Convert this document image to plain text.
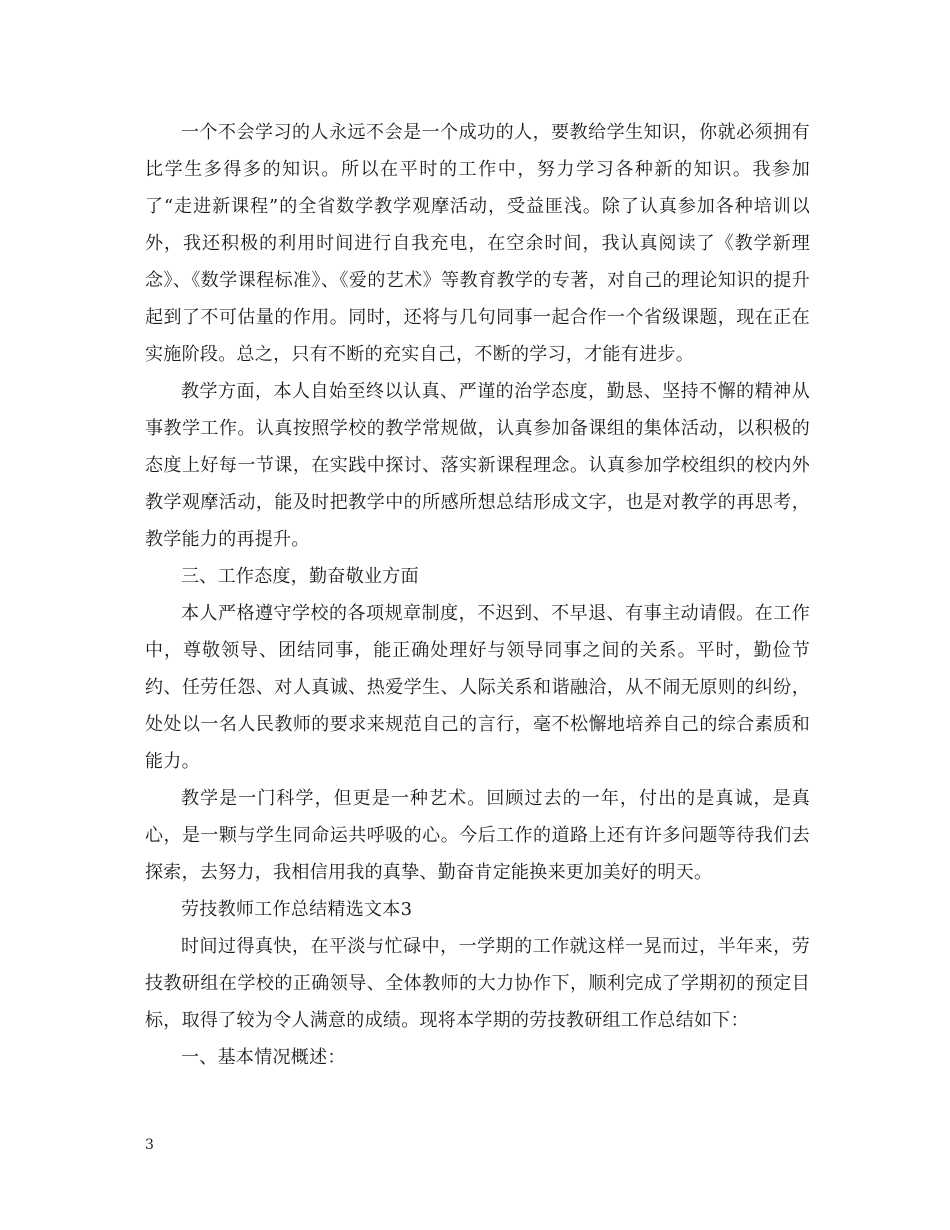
一个不会学习的人永远不会是一个成功的人，要教给学生知识，你就必须拥有比学生多得多的知识。所以在平时的工作中，努力学习各种新的知识。我参加了“走进新课程”的全省数学教学观摩活动，受益匪浅。除了认真参加各种培训以外，我还积极的利用时间进行自我充电，在空余时间，我认真阅读了《教学新理念》、《数学课程标准》、《爱的艺术》等教育教学的专著，对自己的理论知识的提升起到了不可估量的作用。同时，还将与几句同事一起合作一个省级课题，现在正在实施阶段。总之，只有不断的充实自己，不断的学习，才能有进步。

教学方面，本人自始至终以认真、严谨的治学态度，勤恳、坚持不懈的精神从事教学工作。认真按照学校的教学常规做，认真参加备课组的集体活动，以积极的态度上好每一节课，在实践中探讨、落实新课程理念。认真参加学校组织的校内外教学观摩活动，能及时把教学中的所感所想总结形成文字，也是对教学的再思考，教学能力的再提升。

三、工作态度，勤奋敬业方面

本人严格遵守学校的各项规章制度，不迟到、不早退、有事主动请假。在工作中，尊敬领导、团结同事，能正确处理好与领导同事之间的关系。平时，勤俭节约、任劳任怨、对人真诚、热爱学生、人际关系和谐融洽，从不闹无原则的纠纷，处处以一名人民教师的要求来规范自己的言行，毫不松懈地培养自己的综合素质和能力。

教学是一门科学，但更是一种艺术。回顾过去的一年，付出的是真诚，是真心，是一颗与学生同命运共呼吸的心。今后工作的道路上还有许多问题等待我们去探索，去努力，我相信用我的真挚、勤奋肯定能换来更加美好的明天。

劳技教师工作总结精选文本3

时间过得真快，在平淡与忙碌中，一学期的工作就这样一晃而过，半年来，劳技教研组在学校的正确领导、全体教师的大力协作下，顺利完成了学期初的预定目标，取得了较为令人满意的成绩。现将本学期的劳技教研组工作总结如下：

一、基本情况概述：

3
